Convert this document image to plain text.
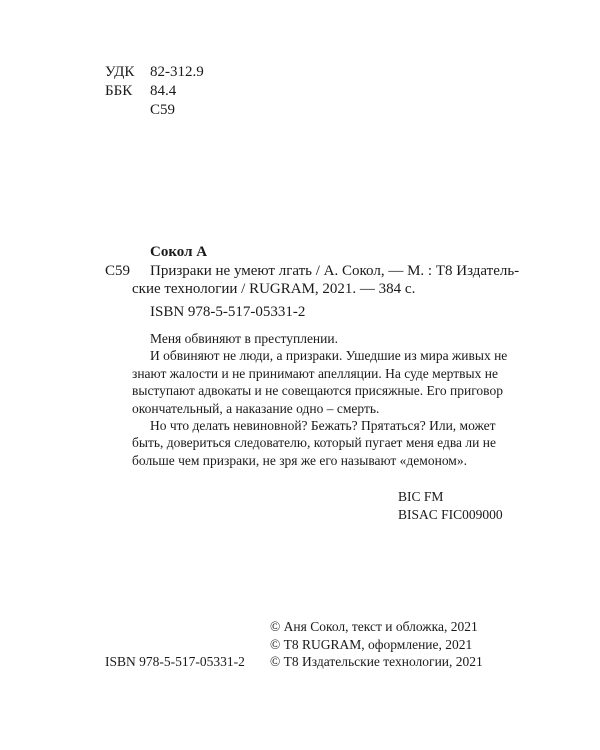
УДК 82-312.9
ББК 84.4
С59
Сокол А
С59 Призраки не умеют лгать / А. Сокол, — М. : Т8 Издатель-
ские технологии / RUGRAM, 2021. — 384 с.
ISBN 978-5-517-05331-2
Меня обвиняют в преступлении.
И обвиняют не люди, а призраки. Ушедшие из мира живых не
знают жалости и не принимают апелляции. На суде мертвых не
выступают адвокаты и не совещаются присяжные. Его приговор
окончательный, а наказание одно – смерть.
Но что делать невиновной? Бежать? Прятаться? Или, может
быть, довериться следователю, который пугает меня едва ли не
больше чем призраки, не зря же его называют «демоном».
BIC FM
BISAC FIC009000
© Аня Сокол, текст и обложка, 2021
© Т8 RUGRAM, оформление, 2021
ISBN 978-5-517-05331-2 © Т8 Издательские технологии, 2021
